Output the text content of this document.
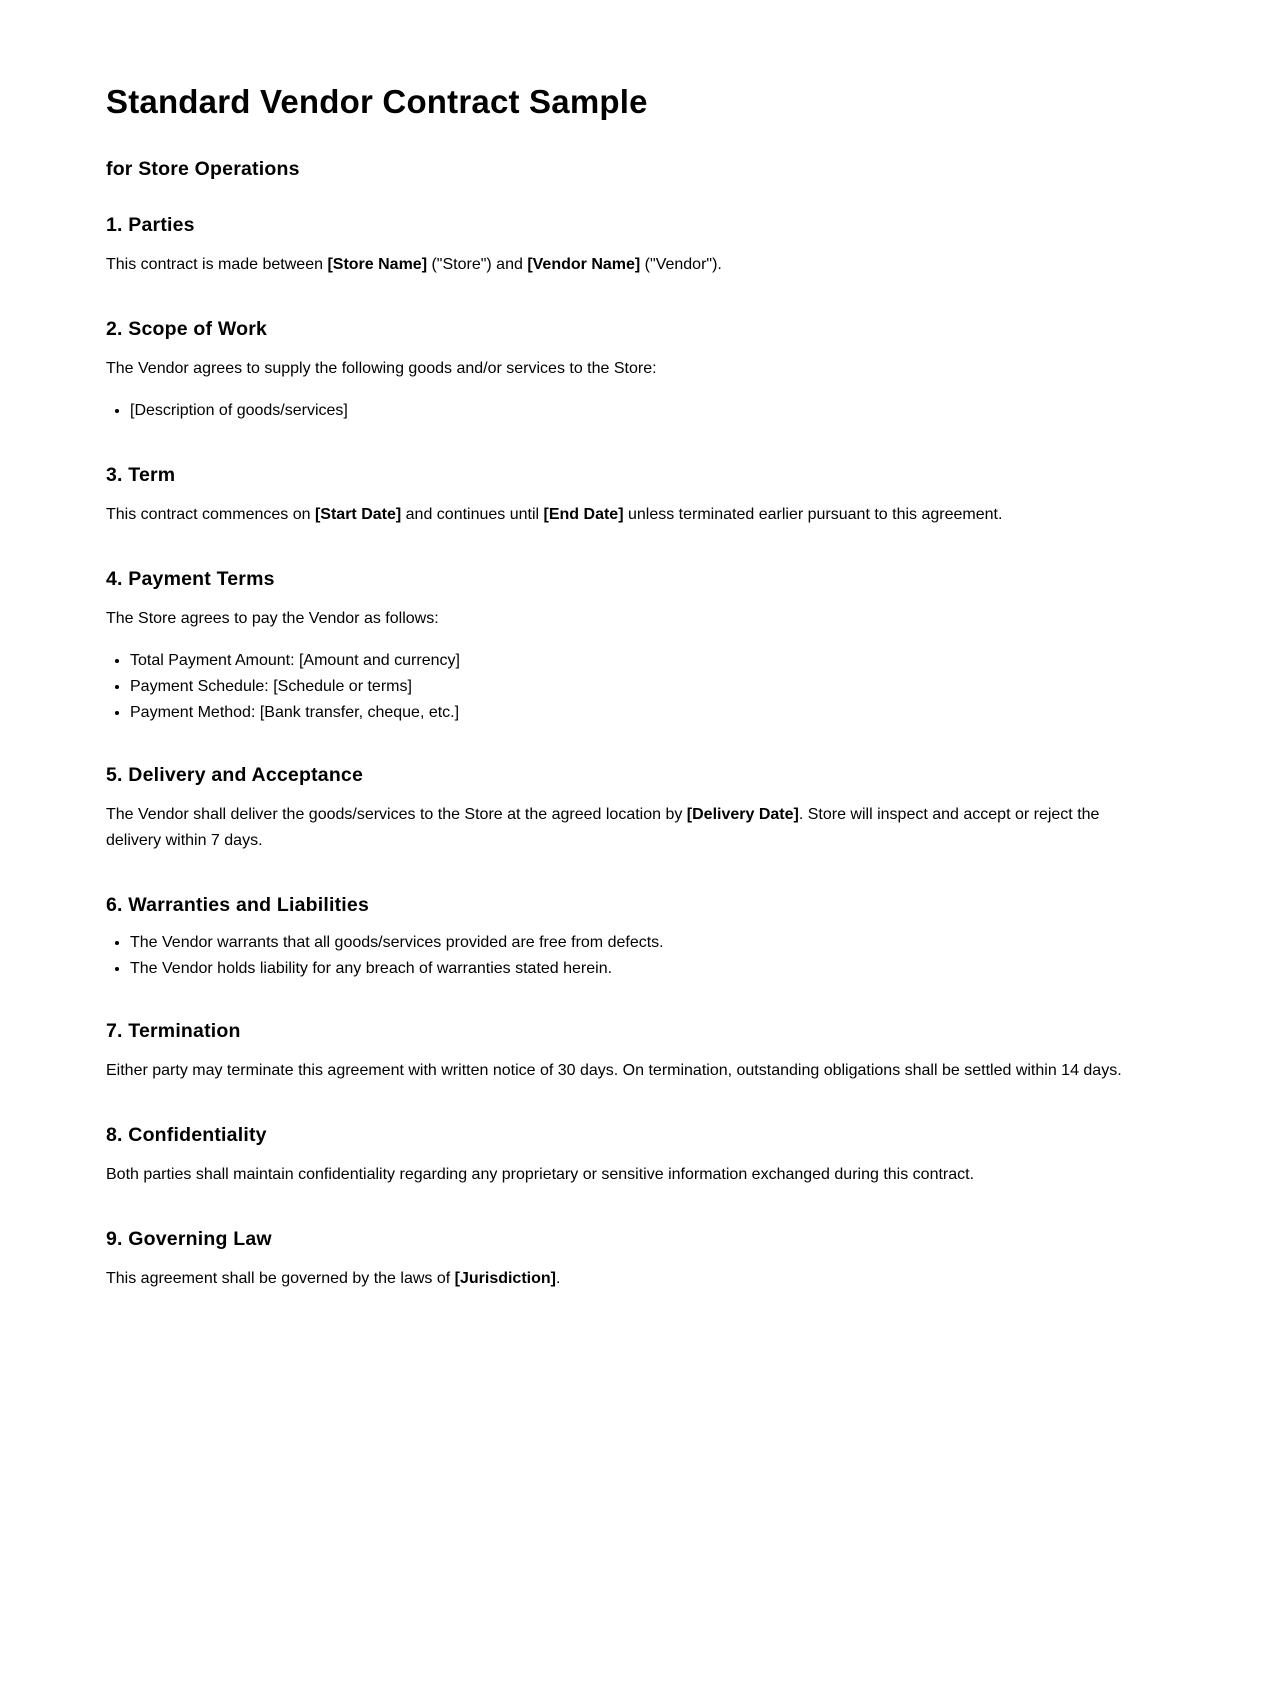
Standard Vendor Contract Sample
for Store Operations
1. Parties

This contract is made between [Store Name] ("Store") and [Vendor Name] ("Vendor").

2. Scope of Work

The Vendor agrees to supply the following goods and/or services to the Store:

• [Description of goods/services]
3. Term

This contract commences on [Start Date] and continues until [End Date] unless terminated earlier pursuant to this agreement.

4. Payment Terms

The Store agrees to pay the Vendor as follows:

• Total Payment Amount: [Amount and currency]
• Payment Schedule: [Schedule or terms]
• Payment Method: [Bank transfer, cheque, etc.]
5. Delivery and Acceptance

The Vendor shall deliver the goods/services to the Store at the agreed location by [Delivery Date]. Store will inspect and accept or reject the delivery within 7 days.

6. Warranties and Liabilities
• The Vendor warrants that all goods/services provided are free from defects.
• The Vendor holds liability for any breach of warranties stated herein.
7. Termination

Either party may terminate this agreement with written notice of 30 days. On termination, outstanding obligations shall be settled within 14 days.

8. Confidentiality

Both parties shall maintain confidentiality regarding any proprietary or sensitive information exchanged during this contract.

9. Governing Law

This agreement shall be governed by the laws of [Jurisdiction].
